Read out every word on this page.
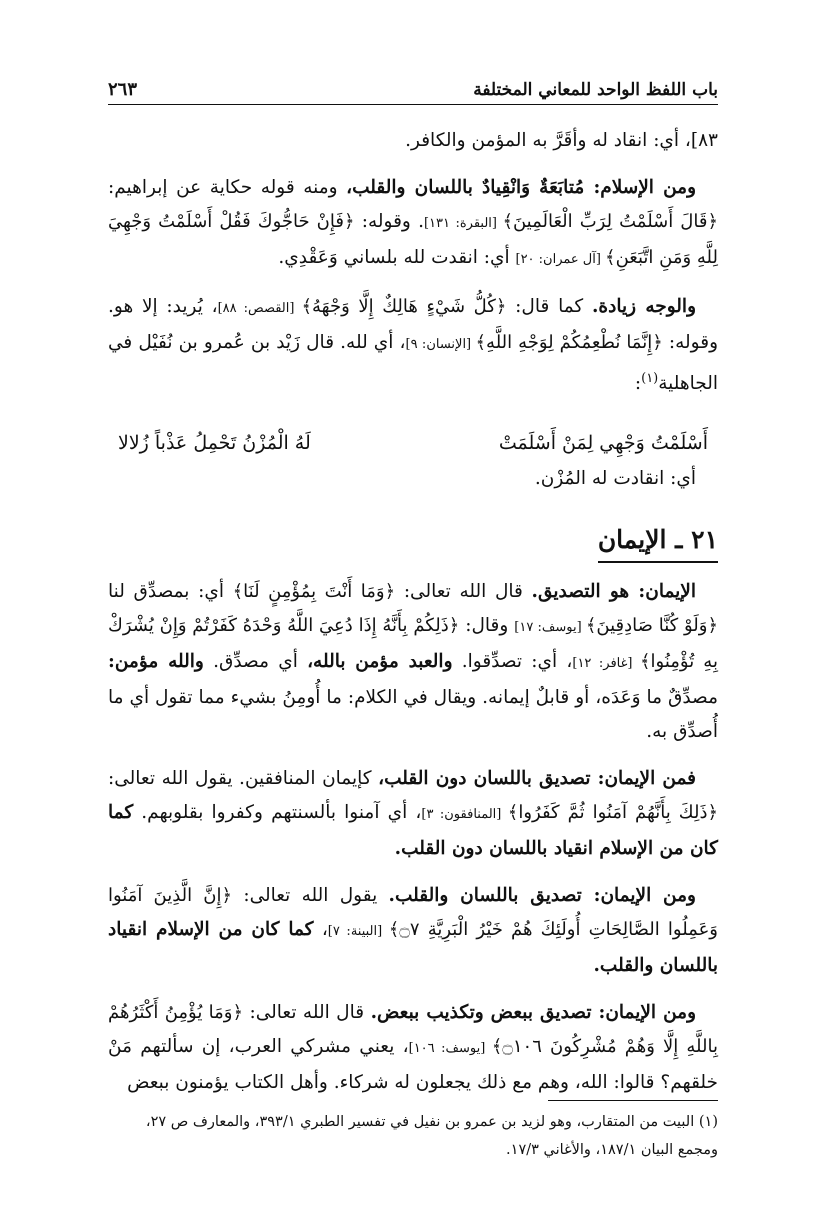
باب اللفظ الواحد للمعاني المختلفة
٢٦٣

٨٣]، أي: انقاد له وأقَرَّ به المؤمن والكافر.

ومن الإسلام: مُتابَعَةٌ وَانْقِيادٌ باللسان والقلب، ومنه قوله حكاية عن إبراهيم: ﴿قَالَ أَسْلَمْتُ لِرَبِّ الْعَالَمِينَ﴾ [البقرة: ١٣١]. وقوله: ﴿فَإِنْ حَاجُّوكَ فَقُلْ أَسْلَمْتُ وَجْهِيَ لِلَّهِ وَمَنِ اتَّبَعَنِ﴾ [آل عمران: ٢٠] أي: انقدت لله بلساني وَعَقْدِي.

والوجه زيادة. كما قال: ﴿كُلُّ شَيْءٍ هَالِكٌ إِلَّا وَجْهَهُ﴾ [القصص: ٨٨]، يُريد: إلا هو. وقوله: ﴿إِنَّمَا نُطْعِمُكُمْ لِوَجْهِ اللَّهِ﴾ [الإنسان: ٩]، أي لله. قال زَيْد بن عُمرو بن نُفَيْل في الجاهلية$^{(١)}$:

أَسْلَمْتُ وَجْهِي لِمَنْ أَسْلَمَتْ
لَهُ الْمُزْنُ تَحْمِلُ عَذْباً زُلالا

أي: انقادت له المُزْن.

٢١ ـ الإيمان

الإيمان: هو التصديق. قال الله تعالى: ﴿وَمَا أَنْتَ بِمُؤْمِنٍ لَنَا﴾ أي: بمصدِّق لنا ﴿وَلَوْ كُنَّا صَادِقِينَ﴾ [يوسف: ١٧] وقال: ﴿ذَلِكُمْ بِأَنَّهُ إِذَا دُعِيَ اللَّهُ وَحْدَهُ كَفَرْتُمْ وَإِنْ يُشْرَكْ بِهِ تُؤْمِنُوا﴾ [غافر: ١٢]، أي: تصدِّقوا. والعبد مؤمن بالله، أي مصدِّق. والله مؤمن: مصدِّقٌ ما وَعَدَه، أو قابلٌ إيمانه. ويقال في الكلام: ما أُومِنُ بشيء مما تقول أي ما أُصدِّق به.

فمن الإيمان: تصديق باللسان دون القلب، كإيمان المنافقين. يقول الله تعالى: ﴿ذَلِكَ بِأَنَّهُمْ آمَنُوا ثُمَّ كَفَرُوا﴾ [المنافقون: ٣]، أي آمنوا بألسنتهم وكفروا بقلوبهم. كما كان من الإسلام انقياد باللسان دون القلب.

ومن الإيمان: تصديق باللسان والقلب. يقول الله تعالى: ﴿إِنَّ الَّذِينَ آمَنُوا وَعَمِلُوا الصَّالِحَاتِ أُولَئِكَ هُمْ خَيْرُ الْبَرِيَّةِ ۝٧﴾ [البينة: ٧]، كما كان من الإسلام انقياد باللسان والقلب.

ومن الإيمان: تصديق ببعض وتكذيب ببعض. قال الله تعالى: ﴿وَمَا يُؤْمِنُ أَكْثَرُهُمْ بِاللَّهِ إِلَّا وَهُمْ مُشْرِكُونَ ۝١٠٦﴾ [يوسف: ١٠٦]، يعني مشركي العرب، إن سألتهم مَنْ خلقهم؟ قالوا: الله، وهم مع ذلك يجعلون له شركاء. وأهل الكتاب يؤمنون ببعض

(١) البيت من المتقارب، وهو لزيد بن عمرو بن نفيل في تفسير الطبري ٣٩٣/١، والمعارف ص ٢٧، ومجمع البيان ١٨٧/١، والأغاني ١٧/٣.
